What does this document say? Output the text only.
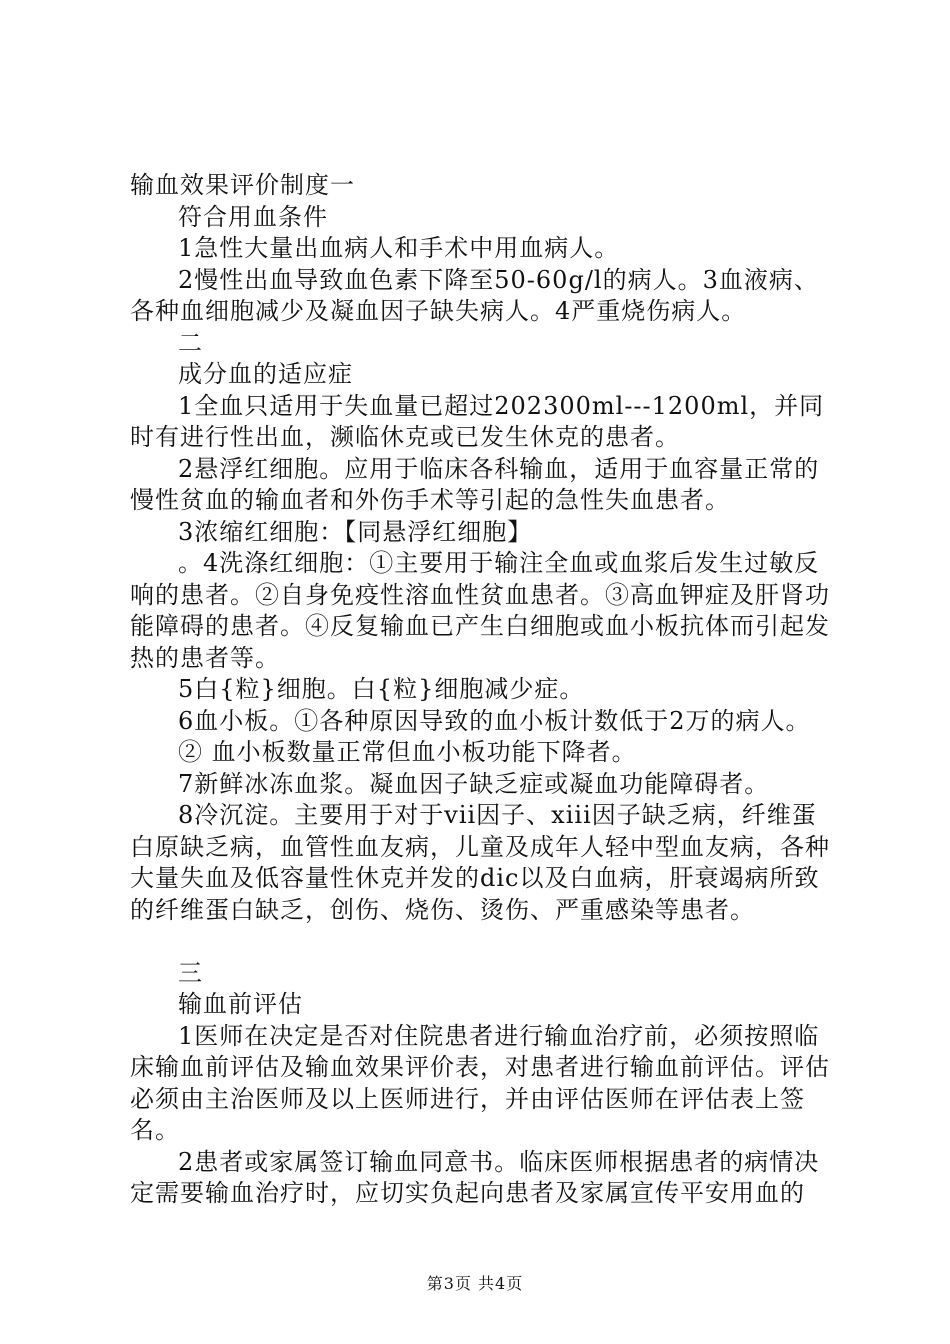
输血效果评价制度一

符合用血条件

1急性大量出血病人和手术中用血病人。

2慢性出血导致血色素下降至50-60g/l的病人。3血液病、各种血细胞减少及凝血因子缺失病人。4严重烧伤病人。

二

成分血的适应症

1全血只适用于失血量已超过202300ml---1200ml，并同时有进行性出血，濒临休克或已发生休克的患者。

2悬浮红细胞。应用于临床各科输血，适用于血容量正常的慢性贫血的输血者和外伤手术等引起的急性失血患者。

3浓缩红细胞：【同悬浮红细胞】

。4洗涤红细胞：①主要用于输注全血或血浆后发生过敏反响的患者。②自身免疫性溶血性贫血患者。③高血钾症及肝肾功能障碍的患者。④反复输血已产生白细胞或血小板抗体而引起发热的患者等。

5白{粒}细胞。白{粒}细胞减少症。

6血小板。①各种原因导致的血小板计数低于2万的病人。

② 血小板数量正常但血小板功能下降者。

7新鲜冰冻血浆。凝血因子缺乏症或凝血功能障碍者。

8冷沉淀。主要用于对于vii因子、xiii因子缺乏病，纤维蛋白原缺乏病，血管性血友病，儿童及成年人轻中型血友病，各种大量失血及低容量性休克并发的dic以及白血病，肝衰竭病所致的纤维蛋白缺乏，创伤、烧伤、烫伤、严重感染等患者。

三

输血前评估

1医师在决定是否对住院患者进行输血治疗前，必须按照临床输血前评估及输血效果评价表，对患者进行输血前评估。评估必须由主治医师及以上医师进行，并由评估医师在评估表上签名。

2患者或家属签订输血同意书。临床医师根据患者的病情决定需要输血治疗时，应切实负起向患者及家属宣传平安用血的

第3页 共4页
